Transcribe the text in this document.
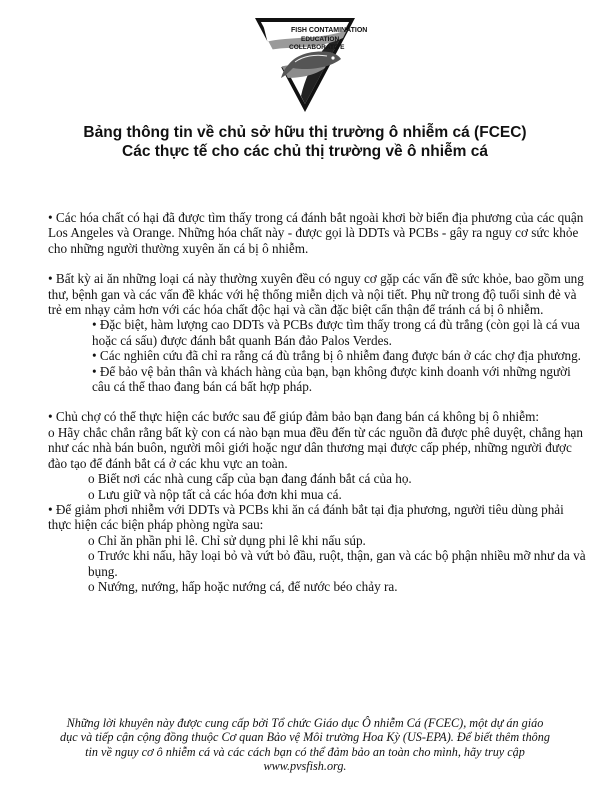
FISH CONTAMINATION
EDUCATION
COLLABORATIVE
Bảng thông tin về chủ sở hữu thị trường ô nhiễm cá (FCEC)
Các thực tế cho các chủ thị trường về ô nhiễm cá

• Các hóa chất có hại đã được tìm thấy trong cá đánh bắt ngoài khơi bờ biển địa phương của các quận Los Angeles và Orange. Những hóa chất này - được gọi là DDTs và PCBs - gây ra nguy cơ sức khỏe cho những người thường xuyên ăn cá bị ô nhiễm.

• Bất kỳ ai ăn những loại cá này thường xuyên đều có nguy cơ gặp các vấn đề sức khỏe, bao gồm ung thư, bệnh gan và các vấn đề khác với hệ thống miễn dịch và nội tiết. Phụ nữ trong độ tuổi sinh đẻ và trẻ em nhạy cảm hơn với các hóa chất độc hại và cần đặc biệt cẩn thận để tránh cá bị ô nhiễm.

• Đặc biệt, hàm lượng cao DDTs và PCBs được tìm thấy trong cá đù trắng (còn gọi là cá vua hoặc cá sấu) được đánh bắt quanh Bán đảo Palos Verdes.

• Các nghiên cứu đã chỉ ra rằng cá đù trắng bị ô nhiễm đang được bán ở các chợ địa phương.

• Để bảo vệ bản thân và khách hàng của bạn, bạn không được kinh doanh với những người câu cá thể thao đang bán cá bất hợp pháp.

• Chủ chợ có thể thực hiện các bước sau để giúp đảm bảo bạn đang bán cá không bị ô nhiễm:

o Hãy chắc chắn rằng bất kỳ con cá nào bạn mua đều đến từ các nguồn đã được phê duyệt, chẳng hạn như các nhà bán buôn, người môi giới hoặc ngư dân thương mại được cấp phép, những người được đào tạo để đánh bắt cá ở các khu vực an toàn.

o Biết nơi các nhà cung cấp của bạn đang đánh bắt cá của họ.

o Lưu giữ và nộp tất cả các hóa đơn khi mua cá.

• Để giảm phơi nhiễm với DDTs và PCBs khi ăn cá đánh bắt tại địa phương, người tiêu dùng phải thực hiện các biện pháp phòng ngừa sau:

o Chỉ ăn phần phi lê. Chỉ sử dụng phi lê khi nấu súp.

o Trước khi nấu, hãy loại bỏ và vứt bỏ đầu, ruột, thận, gan và các bộ phận nhiều mỡ như da và bụng.

o Nướng, nướng, hấp hoặc nướng cá, để nước béo chảy ra.

Những lời khuyên này được cung cấp bởi Tổ chức Giáo dục Ô nhiễm Cá (FCEC), một dự án giáo dục và tiếp cận cộng đồng thuộc Cơ quan Bảo vệ Môi trường Hoa Kỳ (US-EPA). Để biết thêm thông tin về nguy cơ ô nhiễm cá và các cách bạn có thể đảm bảo an toàn cho mình, hãy truy cập www.pvsfish.org.
